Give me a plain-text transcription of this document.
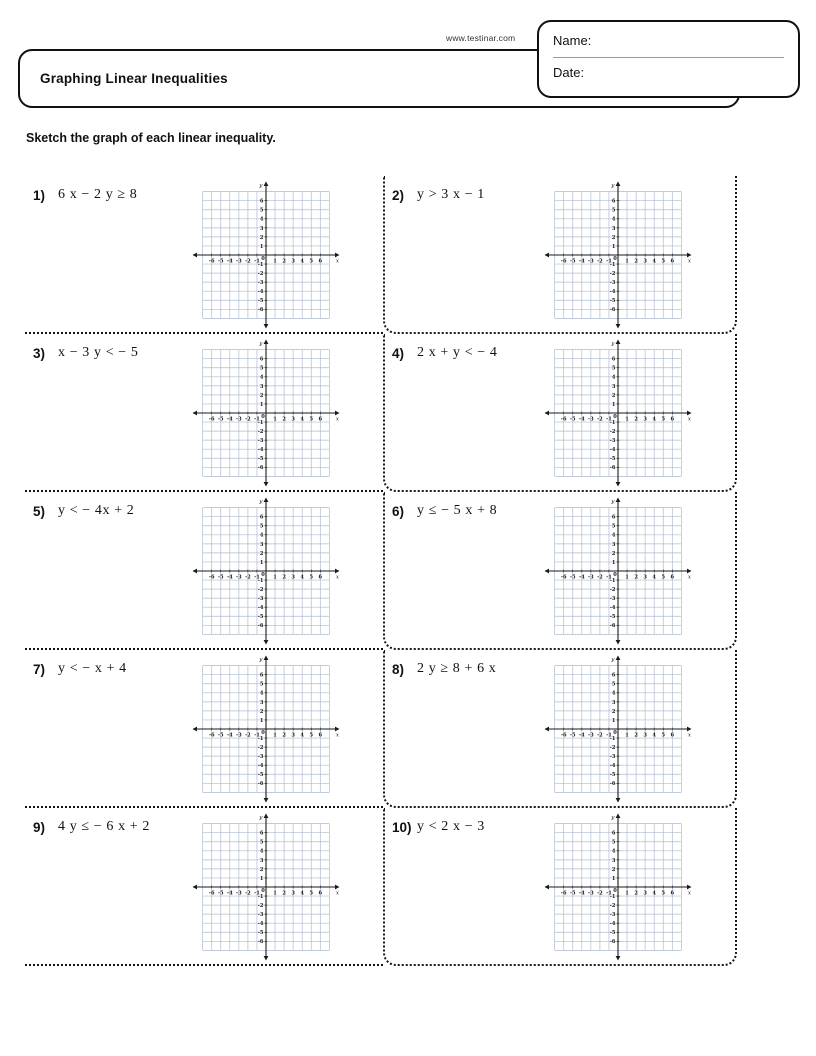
www.testinar.com	Name:
Date:
Graphing Linear Inequalities
Sketch the graph of each linear inequality.
1) 6 x − 2 y ≥ 8
-6
-6
-5
-5
-4
-4
-3
-3
-2
-2
-1
-1
1
1
2
2
3
3
4
4
5
5
6
6
0	x
y
2) y > 3 x − 1
-6
-6
-5
-5
-4
-4
-3
-3
-2
-2
-1
-1
1
1
2
2
3
3
4
4
5
5
6
6
0	x
y
3) x − 3 y < − 5
-6
-6
-5
-5
-4
-4
-3
-3
-2
-2
-1
-1
1
1
2
2
3
3
4
4
5
5
6
6
0	x
y
4) 2 x + y < − 4
-6
-6
-5
-5
-4
-4
-3
-3
-2
-2
-1
-1
1
1
2
2
3
3
4
4
5
5
6
6
0	x
y
5) y < − 4x + 2
-6
-6
-5
-5
-4
-4
-3
-3
-2
-2
-1
-1
1
1
2
2
3
3
4
4
5
5
6
6
0	x
y
6) y ≤ − 5 x + 8
-6
-6
-5
-5
-4
-4
-3
-3
-2
-2
-1
-1
1
1
2
2
3
3
4
4
5
5
6
6
0	x
y
7) y < − x + 4
-6
-6
-5
-5
-4
-4
-3
-3
-2
-2
-1
-1
1
1
2
2
3
3
4
4
5
5
6
6
0	x
y
8) 2 y ≥ 8 + 6 x
-6
-6
-5
-5
-4
-4
-3
-3
-2
-2
-1
-1
1
1
2
2
3
3
4
4
5
5
6
6
0	x
y
9) 4 y ≤ − 6 x + 2
-6
-6
-5
-5
-4
-4
-3
-3
-2
-2
-1
-1
1
1
2
2
3
3
4
4
5
5
6
6
0	x
y
10) y < 2 x − 3
-6
-6
-5
-5
-4
-4
-3
-3
-2
-2
-1
-1
1
1
2
2
3
3
4
4
5
5
6
6
0	x
y
